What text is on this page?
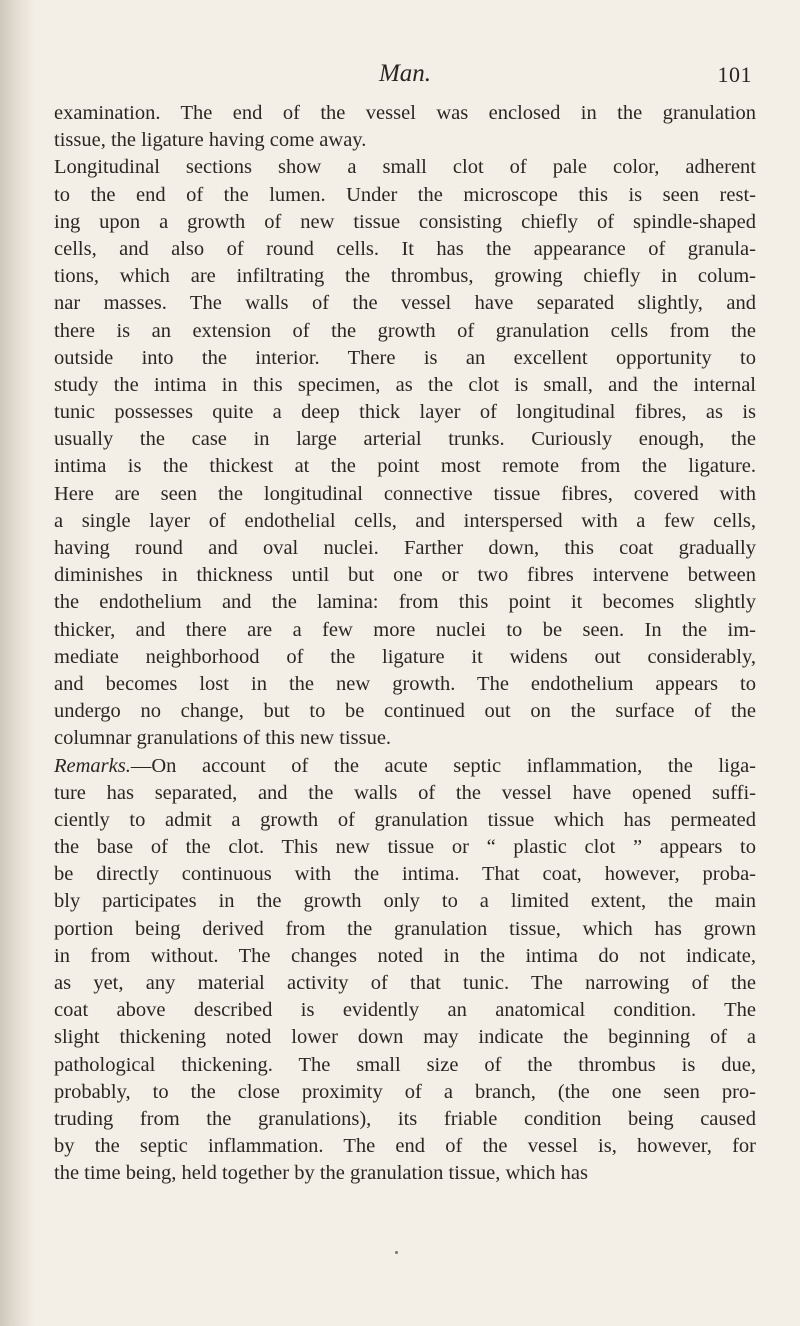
Man.	101
examination. The end of the vessel was enclosed in the granulation
tissue, the ligature having come away.
Longitudinal sections show a small clot of pale color, adherent
to the end of the lumen. Under the microscope this is seen rest-
ing upon a growth of new tissue consisting chiefly of spindle-shaped
cells, and also of round cells. It has the appearance of granula-
tions, which are infiltrating the thrombus, growing chiefly in colum-
nar masses. The walls of the vessel have separated slightly, and
there is an extension of the growth of granulation cells from the
outside into the interior. There is an excellent opportunity to
study the intima in this specimen, as the clot is small, and the internal
tunic possesses quite a deep thick layer of longitudinal fibres, as is
usually the case in large arterial trunks. Curiously enough, the
intima is the thickest at the point most remote from the ligature.
Here are seen the longitudinal connective tissue fibres, covered with
a single layer of endothelial cells, and interspersed with a few cells,
having round and oval nuclei. Farther down, this coat gradually
diminishes in thickness until but one or two fibres intervene between
the endothelium and the lamina: from this point it becomes slightly
thicker, and there are a few more nuclei to be seen. In the im-
mediate neighborhood of the ligature it widens out considerably,
and becomes lost in the new growth. The endothelium appears to
undergo no change, but to be continued out on the surface of the
columnar granulations of this new tissue.
Remarks.—On account of the acute septic inflammation, the liga-
ture has separated, and the walls of the vessel have opened suffi-
ciently to admit a growth of granulation tissue which has permeated
the base of the clot. This new tissue or “ plastic clot ” appears to
be directly continuous with the intima. That coat, however, proba-
bly participates in the growth only to a limited extent, the main
portion being derived from the granulation tissue, which has grown
in from without. The changes noted in the intima do not indicate,
as yet, any material activity of that tunic. The narrowing of the
coat above described is evidently an anatomical condition. The
slight thickening noted lower down may indicate the beginning of a
pathological thickening. The small size of the thrombus is due,
probably, to the close proximity of a branch, (the one seen pro-
truding from the granulations), its friable condition being caused
by the septic inflammation. The end of the vessel is, however, for
the time being, held together by the granulation tissue, which has
